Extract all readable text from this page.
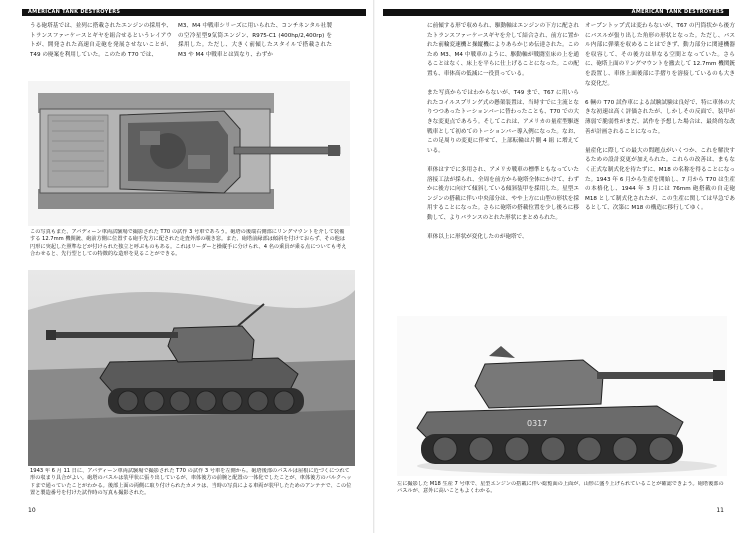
AMERICAN TANK DESTROYERS
うる砲塔基では、並列に搭載されたエンジンの採用や、トランスファーケースとギヤを組合せるというレイアウトが、開発された高速自走砲を発展させないことが、T49 の廃案を利用していた。このため T70 では、
M3、M4 中戦車シリーズに用いられた、コンチネンタル社製の空冷星型9気筒エンジン、R975-C1 (400hp/2,400rp) を採用した。ただし、大きく前傾したスタイルで搭載された M3 や M4 中戦車とは異なり、わずか
この写真もまた、アバディーン車両試験場で撮影された T70 の試作 3 号車であろう。砲塔の後端右側部にリングマウントを介して装備する 12.7mm 機関銃、砲前方側に位置する砲手先方に配された走査外部の覗き窓。また、砲塔前縁部は傾斜を付けておらず、その他は円形に突起した照準などが付けられた独立と呼ぶものもある。これはリーダーと操縦手に分けられ、4 名の乗員が乗る点についても考え合わせると、先行型としての特徴的な造形を見ることができる。
1943 年 6 月 11 日に、アバディーン車両試験場で撮影された T70 の試作 3 号車を左側から。砲塔後部のバスルは屋根に近づくにつれて形の収まり具合がよい。砲塔のバスルは装甲状に張り出しているが、車体後方の前腕と配置の一体化でしたことが、車体後方のバルクヘッドまで通っていたことがわかる。後部上面の両側に取り付けられたカメラは、当時の写真による車両が装甲したためのアンテナで、この位置と製造番号を付けた試作時の写真も撮影された。
10
AMERICAN TANK DESTROYERS
に前傾する形で収められ、駆動軸はエンジンの下方に配されたトランスファーケースギヤを介して結合され、前方に置かれた前輪変速機と操縦機によりあらかじめ伝達された。このため M3、M4 中戦車のように、駆動軸が戦闘室床の上を通ることはなく、床上を平らに仕上げることになった。この配置も、車体高の低減に一役買っている。

また写真からではわからないが、T49 まで、T67 に用いられたコイルスプリング式の懸架装置は、当時すでに主流となりつつあったトーションバーに替わったことも、T70 での大きな変更点であろう。そしてこれは、アメリカの量産型駆逐戦車として初めてのトーションバー導入例になった。なお、この足周りの変更に伴せて、上部転輪は片側 4 組 に増えている。

車体はすでに多用され、アメリカ戦車の標準ともなっていた溶接工法が採られ、全周を前方から砲塔全体にかけて、わずかに後方に向けて傾斜している傾斜装甲を採用した。星型エンジンの搭載に伴い中央部分は、やや上方に山型の形状を採用することになった。さらに砲塔の搭載位置を少し後ろに移動して、よりバランスのとれた形状にまとめられた。

車体以上に形状が変化したのが砲塔で、
オープントップ式は変わらないが、T67 の円筒状から後方にバスルが張り出した角形の形状となった。ただし、バスル内部に弾薬を収めることはできず、動力部分に関連機器を収容して、その後方は単なる空間となっていた。さらに、砲塔上面のリングマウントを撤去して 12.7mm 機関銃を設置し、車体上面後部に手摺りを溶接しているのも大きな変化だ。

6 輌の T70 試作車による試験試験は良好で、特に車体の大きな初速は高く評価されたが、しかしその反面で、装甲が薄弱で脆弱性がまだ、試作を予想した場合は、最終的な改善が計画されることになった。

量産化に際しての最大の問題点がいくつか、これを解決するための設計変更が加えられた。これらの改善は、まもなく正式な制式化を待たずに、M18 の名称を得ることになった。1943 年 6 月から生産を開始し、7 月から T70 は生産の本格化し、1944 年 3 月には 76mm 砲搭載の自走砲 M18 として制式化されたが、この生産に関しては早急であるとして、次第に M18 の構造に移行してゆく。
0317
左に撮影した M18 生産 7 号車で、星型エンジンの搭載に伴い総覧面の上面が、山形に盛り上げられていることが確認できよう。砲塔後部のバスルが、意外に高いこともよくわかる。
11
